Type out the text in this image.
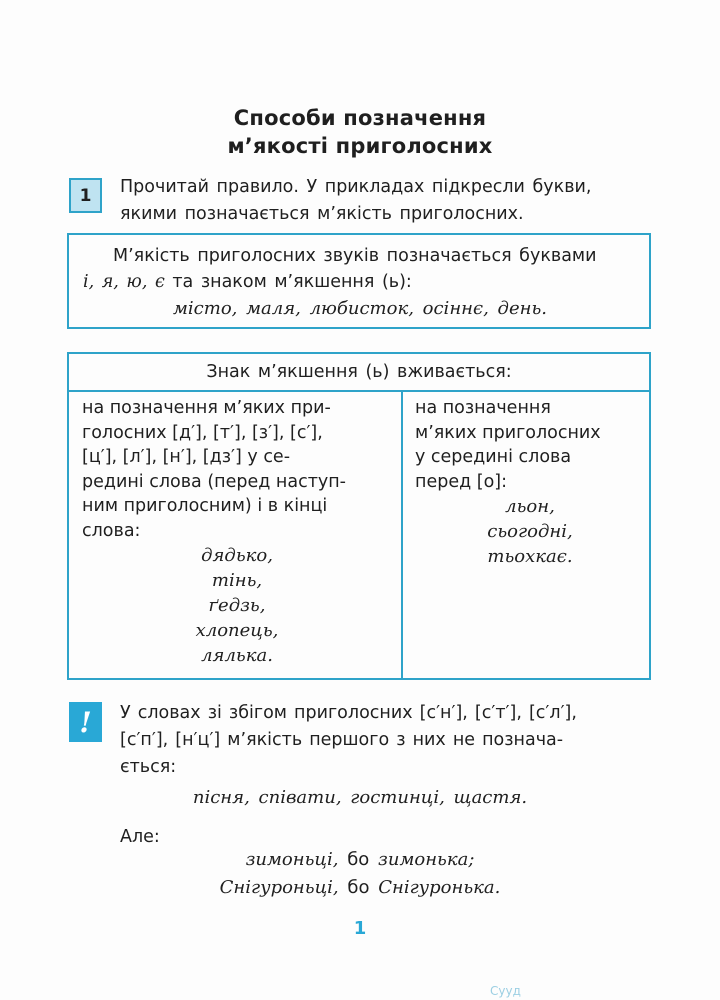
Способи позначення
м’якості приголосних
1	Прочитай правило. У прикладах підкресли букви,
якими позначається м’якість приголосних.
М’якість приголосних звуків позначається буквами
і, я, ю, є та знаком м’якшення (ь):
місто, маля, любисток, осіннє, день.
Знак м’якшення (ь) вживається:
на позначення м’яких при-
голосних [д′], [т′], [з′], [с′],
[ц′], [л′], [н′], [дз′] у се-
редині слова (перед наступ-
ним приголосним) і в кінці
слова:
дядько,
тінь,
ґедзь,
хлопець,
лялька.
на позначення
м’яких приголосних
у середині слова
перед [о]:
льон,
сьогодні,
тьохкає.
!	У словах зі збігом приголосних [с′н′], [с′т′], [с′л′],
[с′п′], [н′ц′] м’якість першого з них не познача-
ється:
пісня, співати, гостинці, щастя.
Але:
зимоньці, бо зимонька;
Снігуроньці, бо Снігуронька.
1
Сууд
